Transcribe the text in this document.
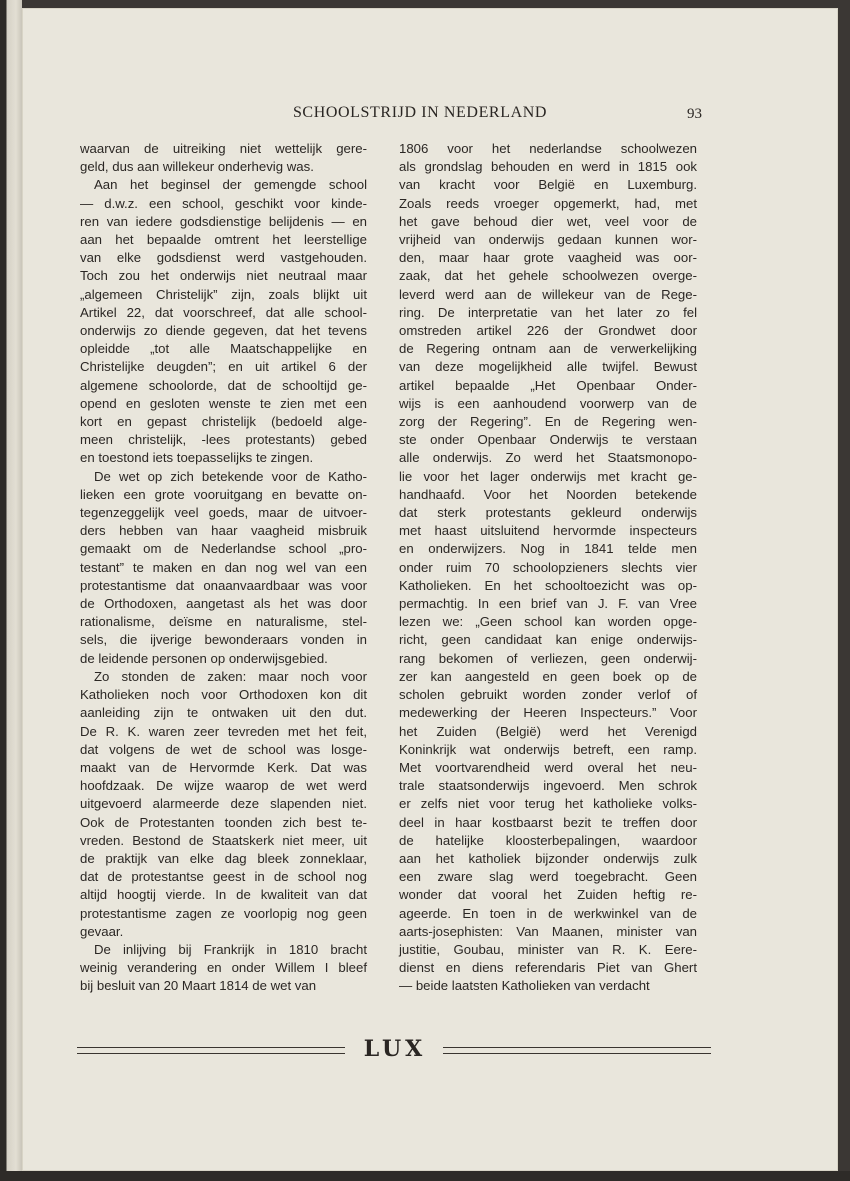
SCHOOLSTRIJD IN NEDERLAND	93
waarvan de uitreiking niet wettelijk gere-
geld, dus aan willekeur onderhevig was.
Aan het beginsel der gemengde school
— d.w.z. een school, geschikt voor kinde-
ren van iedere godsdienstige belijdenis — en
aan het bepaalde omtrent het leerstellige
van elke godsdienst werd vastgehouden.
Toch zou het onderwijs niet neutraal maar
„algemeen Christelijk” zijn, zoals blijkt uit
Artikel 22, dat voorschreef, dat alle school-
onderwijs zo diende gegeven, dat het tevens
opleidde „tot alle Maatschappelijke en
Christelijke deugden”; en uit artikel 6 der
algemene schoolorde, dat de schooltijd ge-
opend en gesloten wenste te zien met een
kort en gepast christelijk (bedoeld alge-
meen christelijk, -lees protestants) gebed
en toestond iets toepasselijks te zingen.
De wet op zich betekende voor de Katho-
lieken een grote vooruitgang en bevatte on-
tegenzeggelijk veel goeds, maar de uitvoer-
ders hebben van haar vaagheid misbruik
gemaakt om de Nederlandse school „pro-
testant” te maken en dan nog wel van een
protestantisme dat onaanvaardbaar was voor
de Orthodoxen, aangetast als het was door
rationalisme, deïsme en naturalisme, stel-
sels, die ijverige bewonderaars vonden in
de leidende personen op onderwijsgebied.
Zo stonden de zaken: maar noch voor
Katholieken noch voor Orthodoxen kon dit
aanleiding zijn te ontwaken uit den dut.
De R. K. waren zeer tevreden met het feit,
dat volgens de wet de school was losge-
maakt van de Hervormde Kerk. Dat was
hoofdzaak. De wijze waarop de wet werd
uitgevoerd alarmeerde deze slapenden niet.
Ook de Protestanten toonden zich best te-
vreden. Bestond de Staatskerk niet meer, uit
de praktijk van elke dag bleek zonneklaar,
dat de protestantse geest in de school nog
altijd hoogtij vierde. In de kwaliteit van dat
protestantisme zagen ze voorlopig nog geen
gevaar.
De inlijving bij Frankrijk in 1810 bracht
weinig verandering en onder Willem I bleef
bij besluit van 20 Maart 1814 de wet van
1806 voor het nederlandse schoolwezen
als grondslag behouden en werd in 1815 ook
van kracht voor België en Luxemburg.
Zoals reeds vroeger opgemerkt, had, met
het gave behoud dier wet, veel voor de
vrijheid van onderwijs gedaan kunnen wor-
den, maar haar grote vaagheid was oor-
zaak, dat het gehele schoolwezen overge-
leverd werd aan de willekeur van de Rege-
ring. De interpretatie van het later zo fel
omstreden artikel 226 der Grondwet door
de Regering ontnam aan de verwerkelijking
van deze mogelijkheid alle twijfel. Bewust
artikel bepaalde „Het Openbaar Onder-
wijs is een aanhoudend voorwerp van de
zorg der Regering”. En de Regering wen-
ste onder Openbaar Onderwijs te verstaan
alle onderwijs. Zo werd het Staatsmonopo-
lie voor het lager onderwijs met kracht ge-
handhaafd. Voor het Noorden betekende
dat sterk protestants gekleurd onderwijs
met haast uitsluitend hervormde inspecteurs
en onderwijzers. Nog in 1841 telde men
onder ruim 70 schoolopzieners slechts vier
Katholieken. En het schooltoezicht was op-
permachtig. In een brief van J. F. van Vree
lezen we: „Geen school kan worden opge-
richt, geen candidaat kan enige onderwijs-
rang bekomen of verliezen, geen onderwij-
zer kan aangesteld en geen boek op de
scholen gebruikt worden zonder verlof of
medewerking der Heeren Inspecteurs.” Voor
het Zuiden (België) werd het Verenigd
Koninkrijk wat onderwijs betreft, een ramp.
Met voortvarendheid werd overal het neu-
trale staatsonderwijs ingevoerd. Men schrok
er zelfs niet voor terug het katholieke volks-
deel in haar kostbaarst bezit te treffen door
de hatelijke kloosterbepalingen, waardoor
aan het katholiek bijzonder onderwijs zulk
een zware slag werd toegebracht. Geen
wonder dat vooral het Zuiden heftig re-
ageerde. En toen in de werkwinkel van de
aarts-josephisten: Van Maanen, minister van
justitie, Goubau, minister van R. K. Eere-
dienst en diens referendaris Piet van Ghert
— beide laatsten Katholieken van verdacht
LUX
